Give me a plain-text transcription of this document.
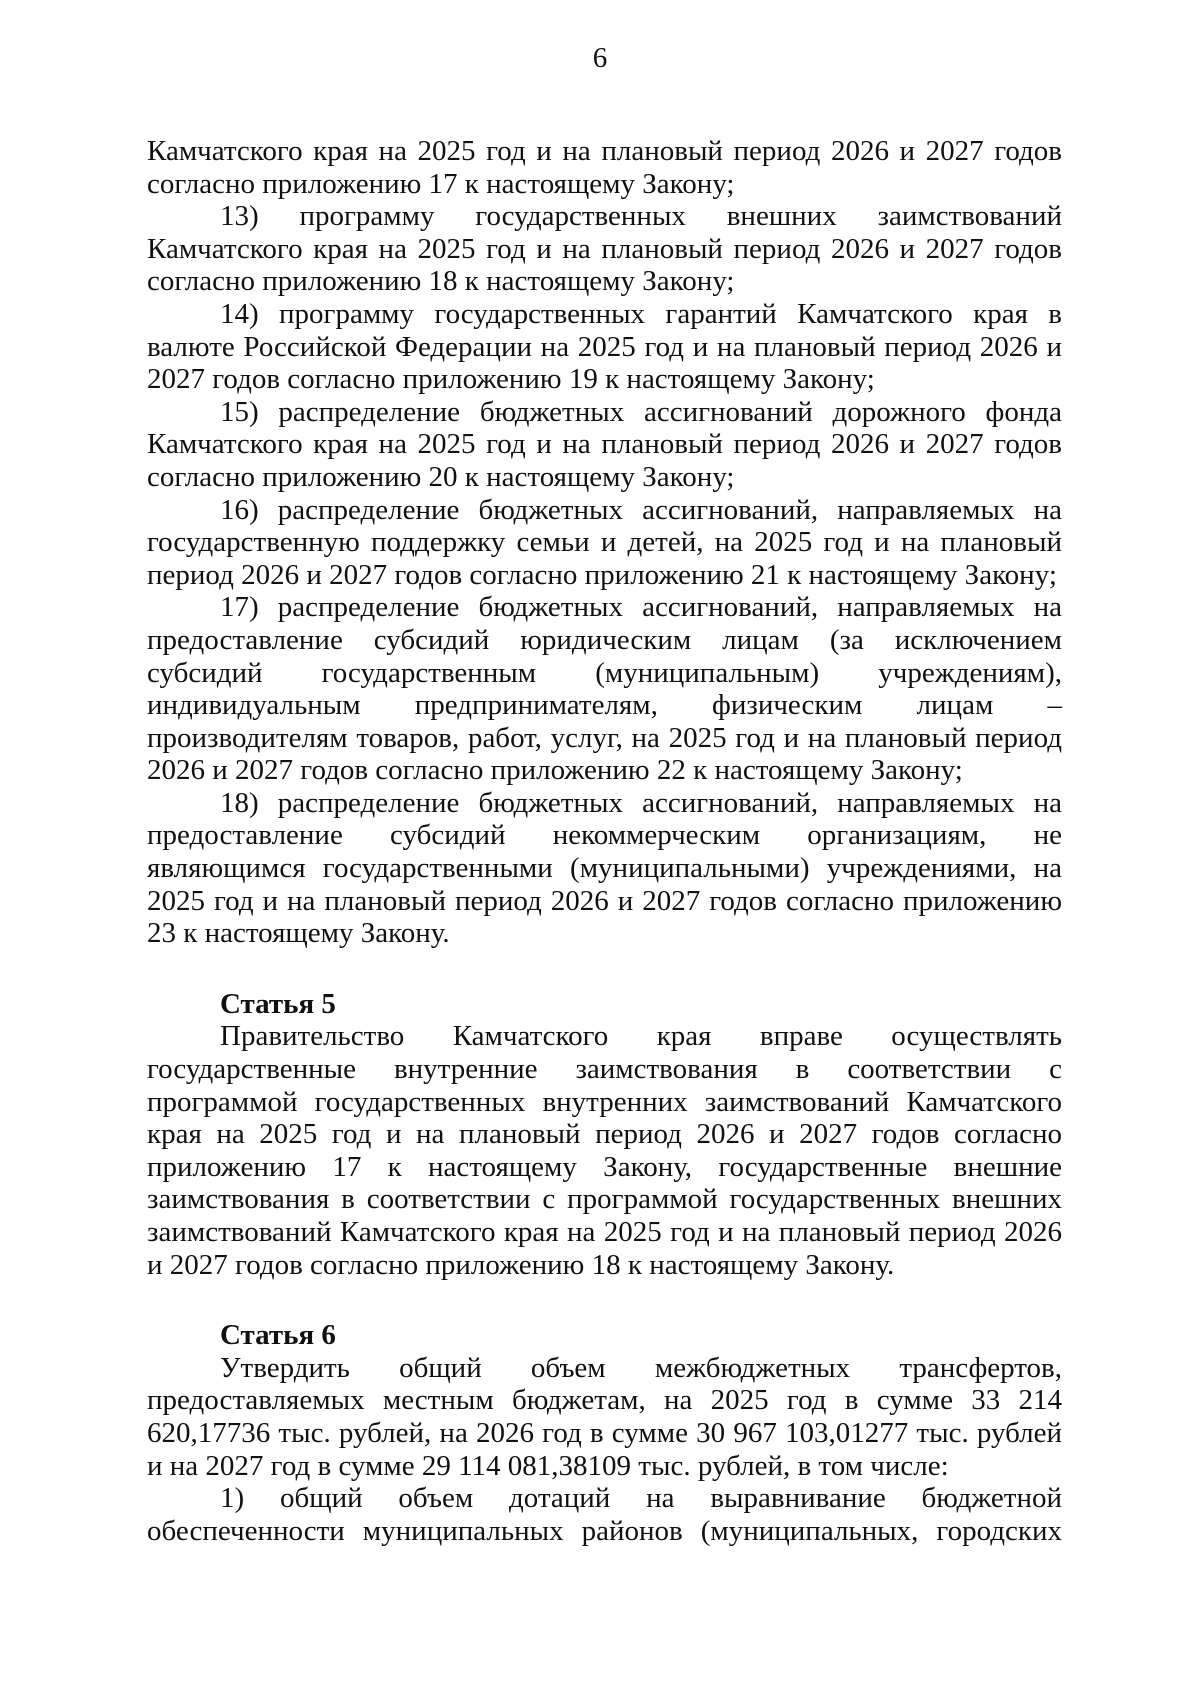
6

Камчатского края на 2025 год и на плановый период 2026 и 2027 годов согласно приложению 17 к настоящему Закону;

13) программу государственных внешних заимствований Камчатского края на 2025 год и на плановый период 2026 и 2027 годов согласно приложению 18 к настоящему Закону;

14) программу государственных гарантий Камчатского края в валюте Российской Федерации на 2025 год и на плановый период 2026 и 2027 годов согласно приложению 19 к настоящему Закону;

15) распределение бюджетных ассигнований дорожного фонда Камчатского края на 2025 год и на плановый период 2026 и 2027 годов согласно приложению 20 к настоящему Закону;

16) распределение бюджетных ассигнований, направляемых на государственную поддержку семьи и детей, на 2025 год и на плановый период 2026 и 2027 годов согласно приложению 21 к настоящему Закону;

17) распределение бюджетных ассигнований, направляемых на предоставление субсидий юридическим лицам (за исключением субсидий государственным (муниципальным) учреждениям), индивидуальным предпринимателям, физическим лицам – производителям товаров, работ, услуг, на 2025 год и на плановый период 2026 и 2027 годов согласно приложению 22 к настоящему Закону;

18) распределение бюджетных ассигнований, направляемых на предоставление субсидий некоммерческим организациям, не являющимся государственными (муниципальными) учреждениями, на 2025 год и на плановый период 2026 и 2027 годов согласно приложению 23 к настоящему Закону.

Статья 5

Правительство Камчатского края вправе осуществлять государственные внутренние заимствования в соответствии с программой государственных внутренних заимствований Камчатского края на 2025 год и на плановый период 2026 и 2027 годов согласно приложению 17 к настоящему Закону, государственные внешние заимствования в соответствии с программой государственных внешних заимствований Камчатского края на 2025 год и на плановый период 2026 и 2027 годов согласно приложению 18 к настоящему Закону.

Статья 6

Утвердить общий объем межбюджетных трансфертов, предоставляемых местным бюджетам, на 2025 год в сумме 33 214 620,17736 тыс. рублей, на 2026 год в сумме 30 967 103,01277 тыс. рублей и на 2027 год в сумме 29 114 081,38109 тыс. рублей, в том числе:

1) общий объем дотаций на выравнивание бюджетной обеспеченности муниципальных районов (муниципальных, городских
